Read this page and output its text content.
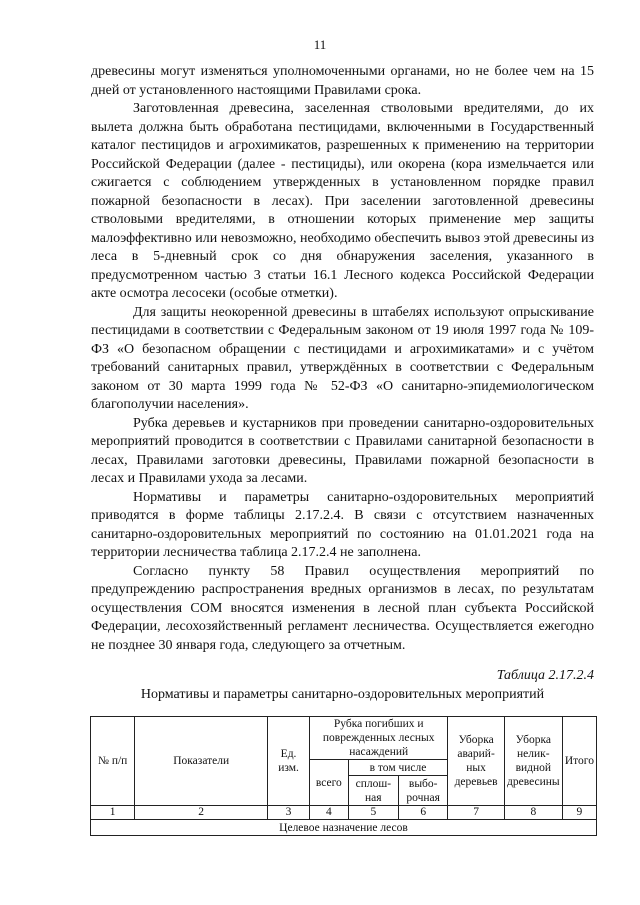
11

древесины могут изменяться уполномоченными органами, но не более чем на 15 дней от установленного настоящими Правилами срока.

Заготовленная древесина, заселенная стволовыми вредителями, до их вылета должна быть обработана пестицидами, включенными в Государственный каталог пестицидов и агрохимикатов, разрешенных к применению на территории Российской Федерации (далее - пестициды), или окорена (кора измельчается или сжигается с соблюдением утвержденных в установленном порядке правил пожарной безопасности в лесах). При заселении заготовленной древесины стволовыми вредителями, в отношении которых применение мер защиты малоэффективно или невозможно, необходимо обеспечить вывоз этой древесины из леса в 5-дневный срок со дня обнаружения заселения, указанного в предусмотренном частью 3 статьи 16.1 Лесного кодекса Российской Федерации акте осмотра лесосеки (особые отметки).

Для защиты неокоренной древесины в штабелях используют опрыскивание пестицидами в соответствии с Федеральным законом от 19 июля 1997 года № 109-ФЗ «О безопасном обращении с пестицидами и агрохимикатами» и с учётом требований санитарных правил, утверждённых в соответствии с Федеральным законом от 30 марта 1999 года № 52-ФЗ «О санитарно-эпидемиологическом благополучии населения».

Рубка деревьев и кустарников при проведении санитарно-оздоровительных мероприятий проводится в соответствии с Правилами санитарной безопасности в лесах, Правилами заготовки древесины, Правилами пожарной безопасности в лесах и Правилами ухода за лесами.

Нормативы и параметры санитарно-оздоровительных мероприятий приводятся в форме таблицы 2.17.2.4. В связи с отсутствием назначенных санитарно-оздоровительных мероприятий по состоянию на 01.01.2021 года на территории лесничества таблица 2.17.2.4 не заполнена.

Согласно пункту 58 Правил осуществления мероприятий по предупреждению распространения вредных организмов в лесах, по результатам осуществления СОМ вносятся изменения в лесной план субъекта Российской Федерации, лесохозяйственный регламент лесничества. Осуществляется ежегодно не позднее 30 января года, следующего за отчетным.

Таблица 2.17.2.4
Нормативы и параметры санитарно-оздоровительных мероприятий
№ п/п	Показатели	Ед. изм.	Рубка погибших и поврежденных лесных насаждений			Уборка аварий-ных деревьев	Уборка нелик-видной древесины	Итого
			всего	в том числе				
				сплош-ная	выбо-рочная			
1	2	3	4	5	6	7	8	9
Целевое назначение лесов								
